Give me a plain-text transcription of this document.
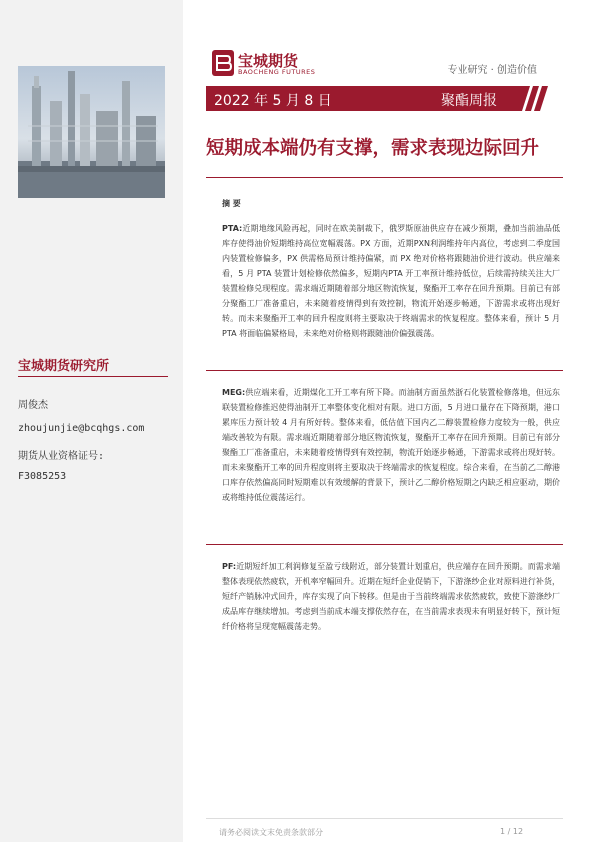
宝城期货研究所
周俊杰
zhoujunjie@bcqhgs.com
期货从业资格证号:
F3085253
宝城期货
BAOCHENG FUTURES	专业研究 · 创造价值
2022 年 5 月 8 日	聚酯周报
短期成本端仍有支撑，需求表现边际回升
摘 要
PTA:近期地缘风险再起，同时在欧美制裁下，俄罗斯原油供应存在减少预期，叠加当前油品低库存使得油价短期维持高位宽幅震荡。PX 方面，近期PXN利润维持年内高位，考虑到二季度国内装置检修偏多，PX 供需格局预计维持偏紧，而 PX 绝对价格将跟随油价进行波动。供应端来看，5 月 PTA 装置计划检修依然偏多，短期内PTA 开工率预计维持低位，后续需持续关注大厂装置检修兑现程度。需求端近期随着部分地区物流恢复，聚酯开工率存在回升预期。目前已有部分聚酯工厂准备重启，未来随着疫情得到有效控制，物流开始逐步畅通，下游需求或将出现好转。而未来聚酯开工率的回升程度则将主要取决于终端需求的恢复程度。整体来看，预计 5 月 PTA 将面临偏紧格局，未来绝对价格则将跟随油价偏强震荡。
MEG:供应端来看，近期煤化工开工率有所下降。而油制方面虽然浙石化装置检修落地，但远东联装置检修推迟使得油制开工率整体变化相对有限。进口方面，5 月进口量存在下降预期，港口累库压力预计较 4 月有所好转。整体来看，低估值下国内乙二醇装置检修力度较为一般，供应端改善较为有限。需求端近期随着部分地区物流恢复，聚酯开工率存在回升预期。目前已有部分聚酯工厂准备重启，未来随着疫情得到有效控制，物流开始逐步畅通，下游需求或将出现好转。而未来聚酯开工率的回升程度则将主要取决于终端需求的恢复程度。综合来看，在当前乙二醇港口库存依然偏高同时短期难以有效缓解的背景下，预计乙二醇价格短期之内缺乏相应驱动，期价或将维持低位震荡运行。
PF:近期短纤加工利润修复至盈亏线附近，部分装置计划重启，供应端存在回升预期。而需求端整体表现依然疲软，开机率窄幅回升。近期在短纤企业促销下，下游涤纱企业对原料进行补货，短纤产销脉冲式回升，库存实现了向下转移。但是由于当前终端需求依然疲软，致使下游涤纱厂成品库存继续增加。考虑到当前成本端支撑依然存在，在当前需求表现未有明显好转下，预计短纤价格将呈现宽幅震荡走势。
请务必阅读文末免责条款部分	1 / 12
